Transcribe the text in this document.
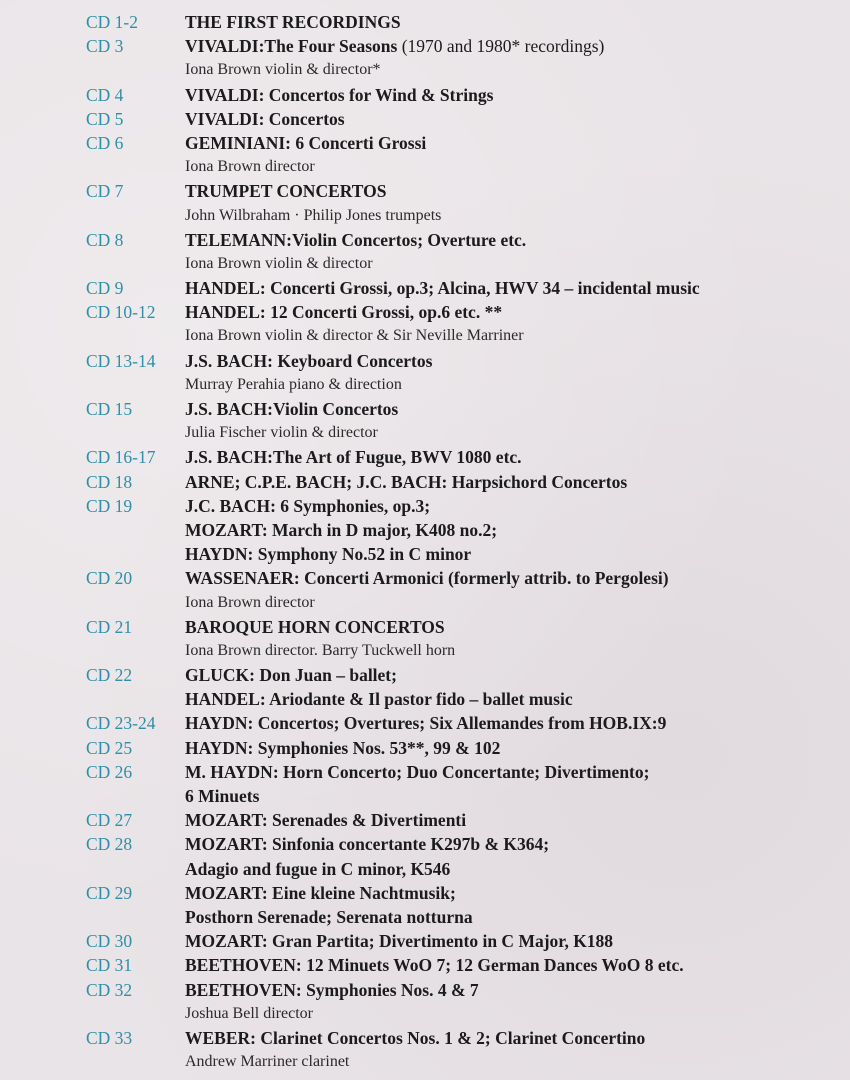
CD 1-2	THE FIRST RECORDINGS
CD 3	VIVALDI:The Four Seasons (1970 and 1980* recordings)
Iona Brown violin & director*
CD 4	VIVALDI: Concertos for Wind & Strings
CD 5	VIVALDI: Concertos
CD 6	GEMINIANI: 6 Concerti Grossi
Iona Brown director
CD 7	TRUMPET CONCERTOS
John Wilbraham · Philip Jones trumpets
CD 8	TELEMANN:Violin Concertos; Overture etc.
Iona Brown violin & director
CD 9	HANDEL: Concerti Grossi, op.3; Alcina, HWV 34 – incidental music
CD 10-12 HANDEL: 12 Concerti Grossi, op.6 etc. **
Iona Brown violin & director & Sir Neville Marriner
CD 13-14 J.S. BACH: Keyboard Concertos
Murray Perahia piano & direction
CD 15	J.S. BACH:Violin Concertos
Julia Fischer violin & director
CD 16-17 J.S. BACH:The Art of Fugue, BWV 1080 etc.
CD 18	ARNE; C.P.E. BACH; J.C. BACH: Harpsichord Concertos
CD 19	J.C. BACH: 6 Symphonies, op.3;
MOZART: March in D major, K408 no.2;
HAYDN: Symphony No.52 in C minor
CD 20	WASSENAER: Concerti Armonici (formerly attrib. to Pergolesi)
Iona Brown director
CD 21	BAROQUE HORN CONCERTOS
Iona Brown director. Barry Tuckwell horn
CD 22	GLUCK: Don Juan – ballet;
HANDEL: Ariodante & Il pastor fido – ballet music
CD 23-24 HAYDN: Concertos; Overtures; Six Allemandes from HOB.IX:9
CD 25	HAYDN: Symphonies Nos. 53**, 99 & 102
CD 26	M. HAYDN: Horn Concerto; Duo Concertante; Divertimento;
6 Minuets
CD 27	MOZART: Serenades & Divertimenti
CD 28	MOZART: Sinfonia concertante K297b & K364;
Adagio and fugue in C minor, K546
CD 29	MOZART: Eine kleine Nachtmusik;
Posthorn Serenade; Serenata notturna
CD 30	MOZART: Gran Partita; Divertimento in C Major, K188
CD 31	BEETHOVEN: 12 Minuets WoO 7; 12 German Dances WoO 8 etc.
CD 32	BEETHOVEN: Symphonies Nos. 4 & 7
Joshua Bell director
CD 33	WEBER: Clarinet Concertos Nos. 1 & 2; Clarinet Concertino
Andrew Marriner clarinet
